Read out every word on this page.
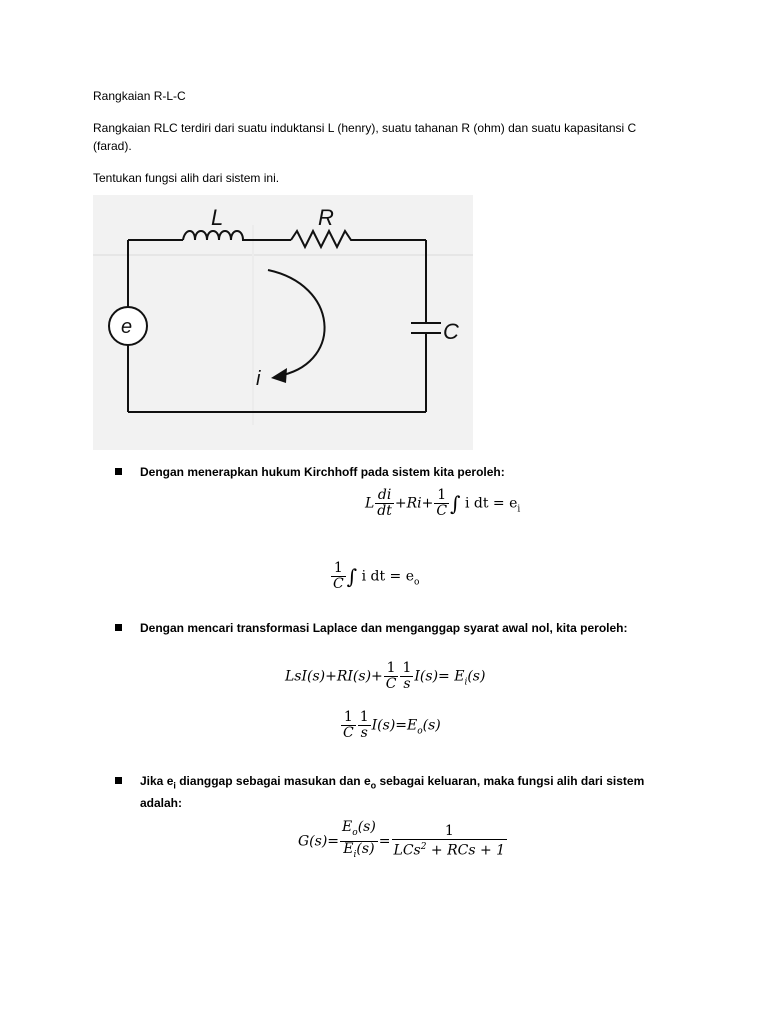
Rangkaian R-L-C

Rangkaian RLC terdiri dari suatu induktansi L (henry), suatu tahanan R (ohm) dan suatu kapasitansi C (farad).

Tentukan fungsi alih dari sistem ini.

L	R
C
e
i
Dengan menerapkan hukum Kirchhoff pada sistem kita peroleh:
L $\frac{di}{dt} +Ri+ \frac{1}{C}$ ∫ i dt = $e_i$
$\frac{1}{C}$ ∫ i dt = $e_o$
Dengan mencari transformasi Laplace dan menganggap syarat awal nol, kita peroleh:
$LsI(s)+RI(s)+ \frac{1}{C} \frac{1}{s} I(s)= E_i(s)$
$\frac{1}{C} \frac{1}{s} I(s)=E_o(s)$
Jika $e_i$ dianggap sebagai masukan dan $e_o$ sebagai keluaran, maka fungsi alih dari sistem adalah:
$G(s)= \frac{E_o(s)}{E_i(s)} = \frac{1}{LCs^2 + RCs + 1}$
